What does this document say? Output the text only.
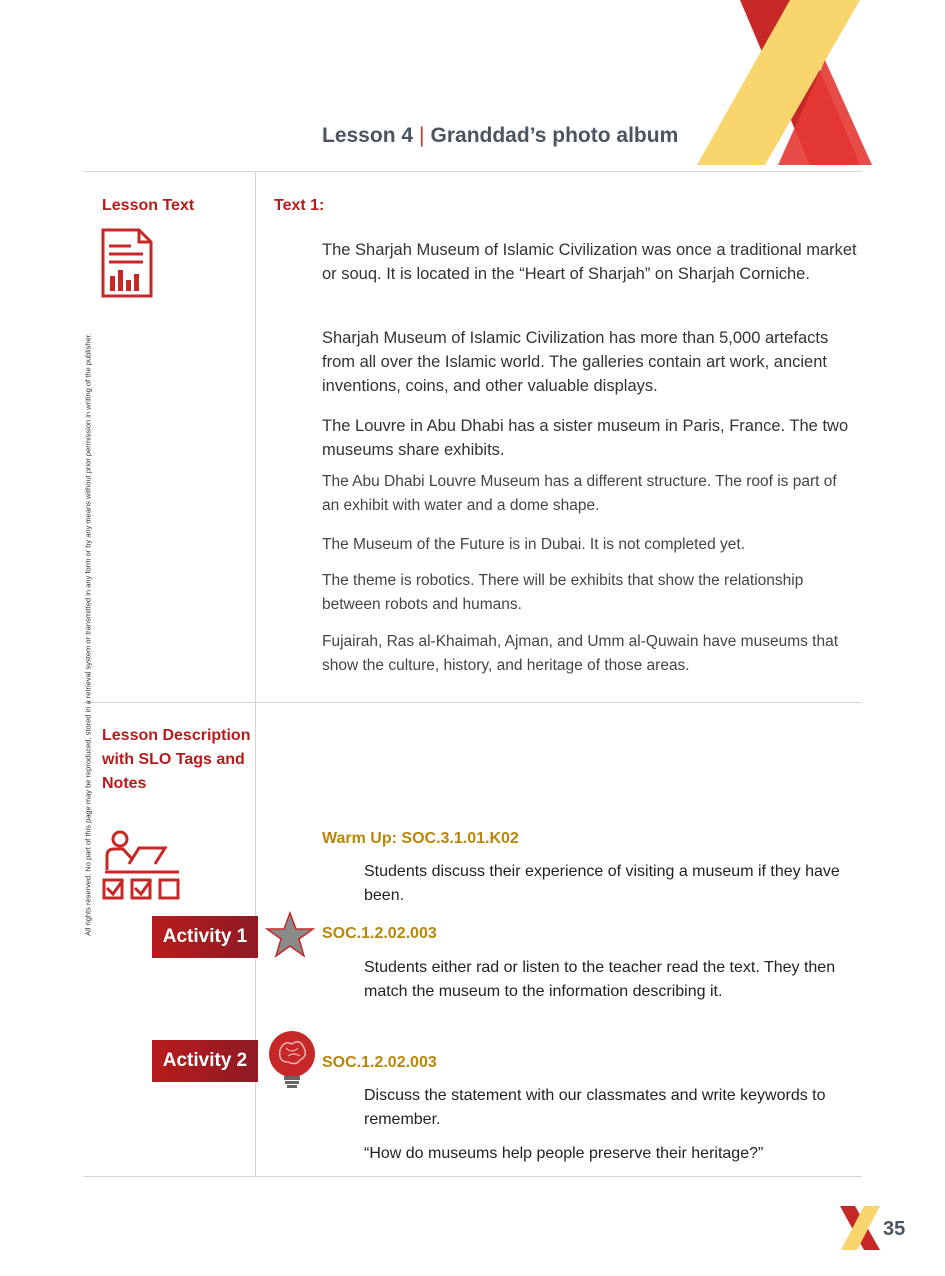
Lesson 4 | Granddad’s photo album
All rights reserved. No part of this page may be reproduced, stored in a retrieval system or transmitted in any form or by any means without prior permission in writing of the publisher.
Lesson Text	Text 1:

The Sharjah Museum of Islamic Civilization was once a traditional market or souq. It is located in the “Heart of Sharjah” on Sharjah Corniche.

Sharjah Museum of Islamic Civilization has more than 5,000 artefacts from all over the Islamic world. The galleries contain art work, ancient inventions, coins, and other valuable displays.

The Louvre in Abu Dhabi has a sister museum in Paris, France. The two museums share exhibits.

The Abu Dhabi Louvre Museum has a different structure. The roof is part of an exhibit with water and a dome shape.

The Museum of the Future is in Dubai. It is not completed yet.

The theme is robotics. There will be exhibits that show the relationship between robots and humans.

Fujairah, Ras al-Khaimah, Ajman, and Umm al-Quwain have museums that show the culture, history, and heritage of those areas.

Lesson Description with SLO Tags and Notes
Warm Up: SOC.3.1.01.K02

Students discuss their experience of visiting a museum if they have been.

Activity 1	SOC.1.2.02.003

Students either rad or listen to the teacher read the text. They then match the museum to the information describing it.

Activity 2	SOC.1.2.02.003

Discuss the statement with our classmates and write keywords to remember.

“How do museums help people preserve their heritage?”

35
